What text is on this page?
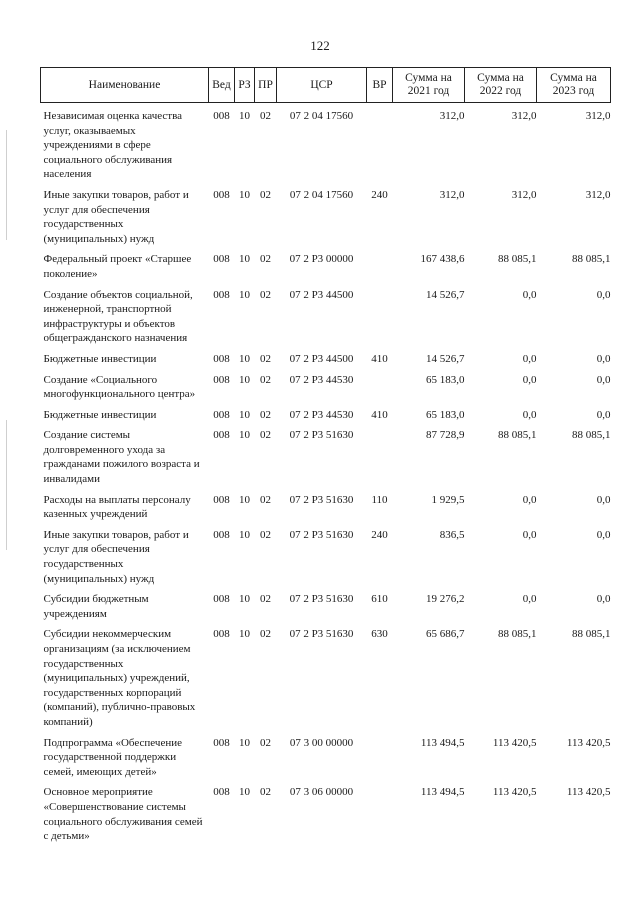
122
Наименование	Вед	РЗ	ПР	ЦСР	ВР	Сумма на 2021 год	Сумма на 2022 год	Сумма на 2023 год

Независимая оценка качества услуг, оказываемых учреждениями в сфере социального обслуживания населения	008	10	02	07 2 04 17560		312,0	312,0	312,0

Иные закупки товаров, работ и услуг для обеспечения государственных (муниципальных) нужд	008	10	02	07 2 04 17560	240	312,0	312,0	312,0

Федеральный проект «Старшее поколение»	008	10	02	07 2 P3 00000		167 438,6	88 085,1	88 085,1

Создание объектов социальной, инженерной, транспортной инфраструктуры и объектов общегражданского назначения	008	10	02	07 2 P3 44500		14 526,7	0,0	0,0

Бюджетные инвестиции	008	10	02	07 2 P3 44500	410	14 526,7	0,0	0,0

Создание «Социального многофункционального центра»	008	10	02	07 2 P3 44530		65 183,0	0,0	0,0

Бюджетные инвестиции	008	10	02	07 2 P3 44530	410	65 183,0	0,0	0,0

Создание системы долговременного ухода за гражданами пожилого возраста и инвалидами	008	10	02	07 2 P3 51630		87 728,9	88 085,1	88 085,1

Расходы на выплаты персоналу казенных учреждений	008	10	02	07 2 P3 51630	110	1 929,5	0,0	0,0

Иные закупки товаров, работ и услуг для обеспечения государственных (муниципальных) нужд	008	10	02	07 2 P3 51630	240	836,5	0,0	0,0

Субсидии бюджетным учреждениям	008	10	02	07 2 P3 51630	610	19 276,2	0,0	0,0

Субсидии некоммерческим организациям (за исключением государственных (муниципальных) учреждений, государственных корпораций (компаний), публично-правовых компаний)	008	10	02	07 2 P3 51630	630	65 686,7	88 085,1	88 085,1

Подпрограмма «Обеспечение государственной поддержки семей, имеющих детей»	008	10	02	07 3 00 00000		113 494,5	113 420,5	113 420,5

Основное мероприятие «Совершенствование системы социального обслуживания семей с детьми»	008	10	02	07 3 06 00000		113 494,5	113 420,5	113 420,5
